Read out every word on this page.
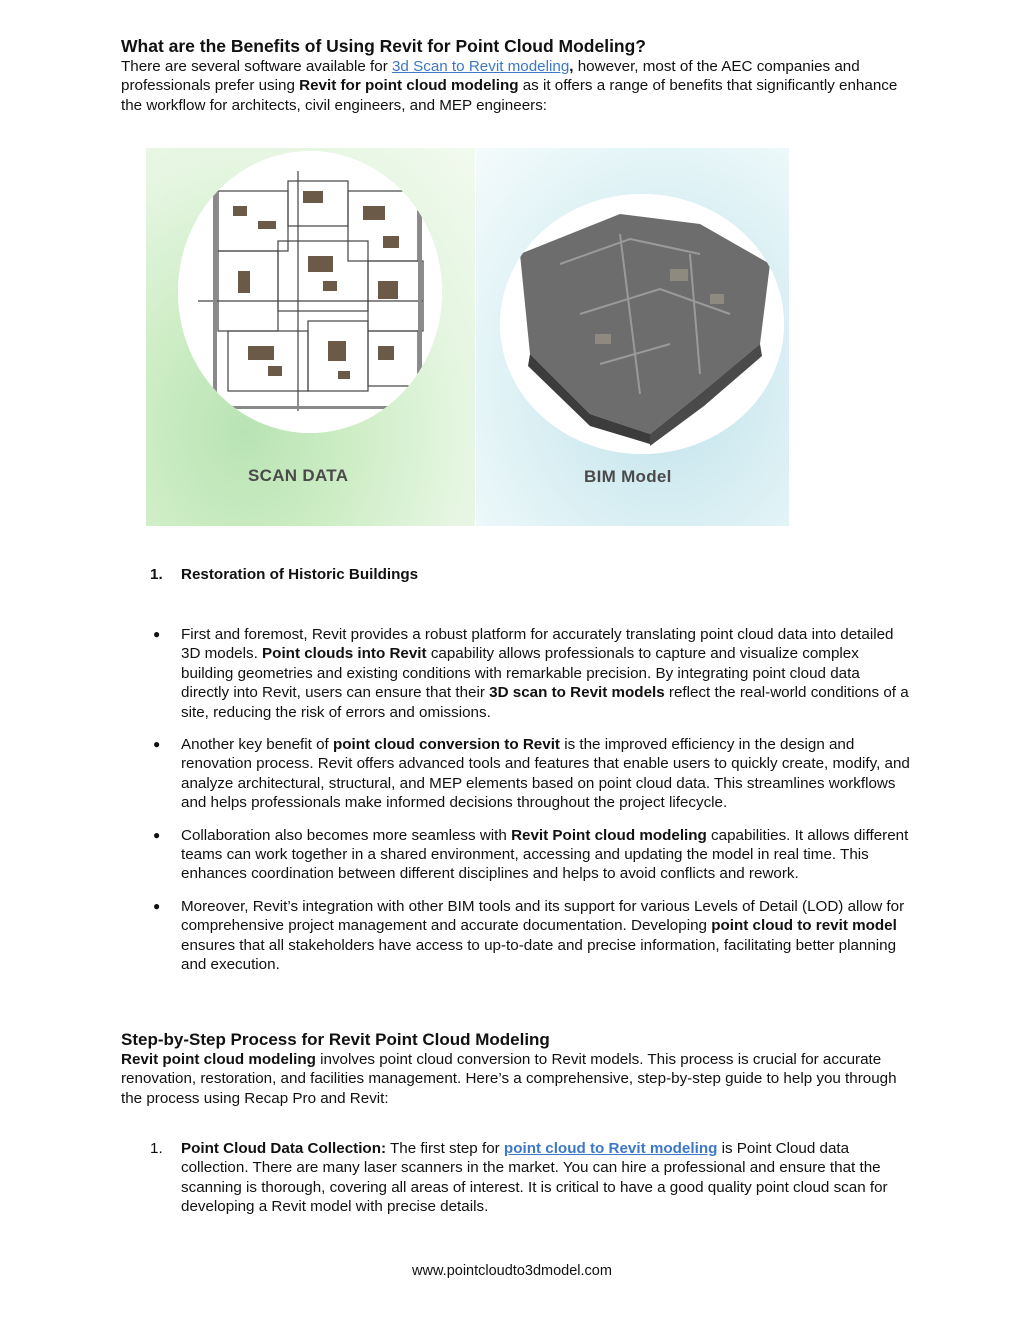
What are the Benefits of Using Revit for Point Cloud Modeling?

There are several software available for 3d Scan to Revit modeling, however, most of the AEC companies and professionals prefer using Revit for point cloud modeling as it offers a range of benefits that significantly enhance the workflow for architects, civil engineers, and MEP engineers:

SCAN DATA	BIM Model
1. Restoration of Historic Buildings
● First and foremost, Revit provides a robust platform for accurately translating point cloud data into detailed 3D models. Point clouds into Revit capability allows professionals to capture and visualize complex building geometries and existing conditions with remarkable precision. By integrating point cloud data directly into Revit, users can ensure that their 3D scan to Revit models reflect the real-world conditions of a site, reducing the risk of errors and omissions.
● Another key benefit of point cloud conversion to Revit is the improved efficiency in the design and renovation process. Revit offers advanced tools and features that enable users to quickly create, modify, and analyze architectural, structural, and MEP elements based on point cloud data. This streamlines workflows and helps professionals make informed decisions throughout the project lifecycle.
● Collaboration also becomes more seamless with Revit Point cloud modeling capabilities. It allows different teams can work together in a shared environment, accessing and updating the model in real time. This enhances coordination between different disciplines and helps to avoid conflicts and rework.
● Moreover, Revit’s integration with other BIM tools and its support for various Levels of Detail (LOD) allow for comprehensive project management and accurate documentation. Developing point cloud to revit model ensures that all stakeholders have access to up-to-date and precise information, facilitating better planning and execution.
Step-by-Step Process for Revit Point Cloud Modeling

Revit point cloud modeling involves point cloud conversion to Revit models. This process is crucial for accurate renovation, restoration, and facilities management. Here’s a comprehensive, step-by-step guide to help you through the process using Recap Pro and Revit:

1. Point Cloud Data Collection: The first step for point cloud to Revit modeling is Point Cloud data collection. There are many laser scanners in the market. You can hire a professional and ensure that the scanning is thorough, covering all areas of interest. It is critical to have a good quality point cloud scan for developing a Revit model with precise details.
www.pointcloudto3dmodel.com
